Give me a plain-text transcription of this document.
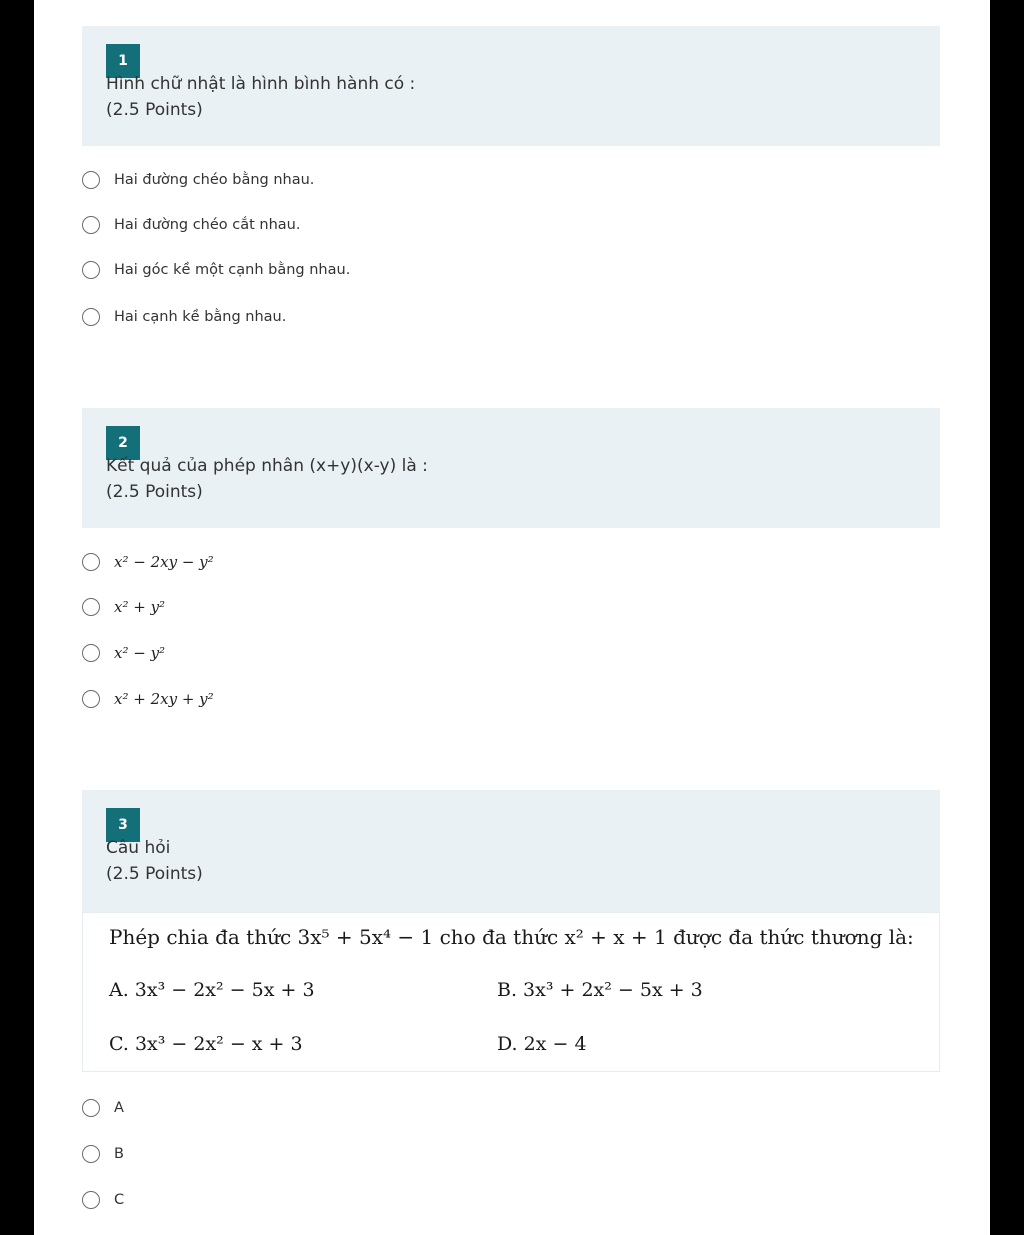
1
Hình chữ nhật là hình bình hành có :
(2.5 Points)
Hai đường chéo bằng nhau.
Hai đường chéo cắt nhau.
Hai góc kề một cạnh bằng nhau.
Hai cạnh kề bằng nhau.
2
Kết quả của phép nhân (x+y)(x-y) là :
(2.5 Points)
x² − 2xy − y²
x² + y²
x² − y²
x² + 2xy + y²
3
Câu hỏi
(2.5 Points)
Phép chia đa thức 3x⁵ + 5x⁴ − 1 cho đa thức x² + x + 1 được đa thức thương là:
A. 3x³ − 2x² − 5x + 3	B. 3x³ + 2x² − 5x + 3
C. 3x³ − 2x² − x + 3	D. 2x − 4
A
B
C
